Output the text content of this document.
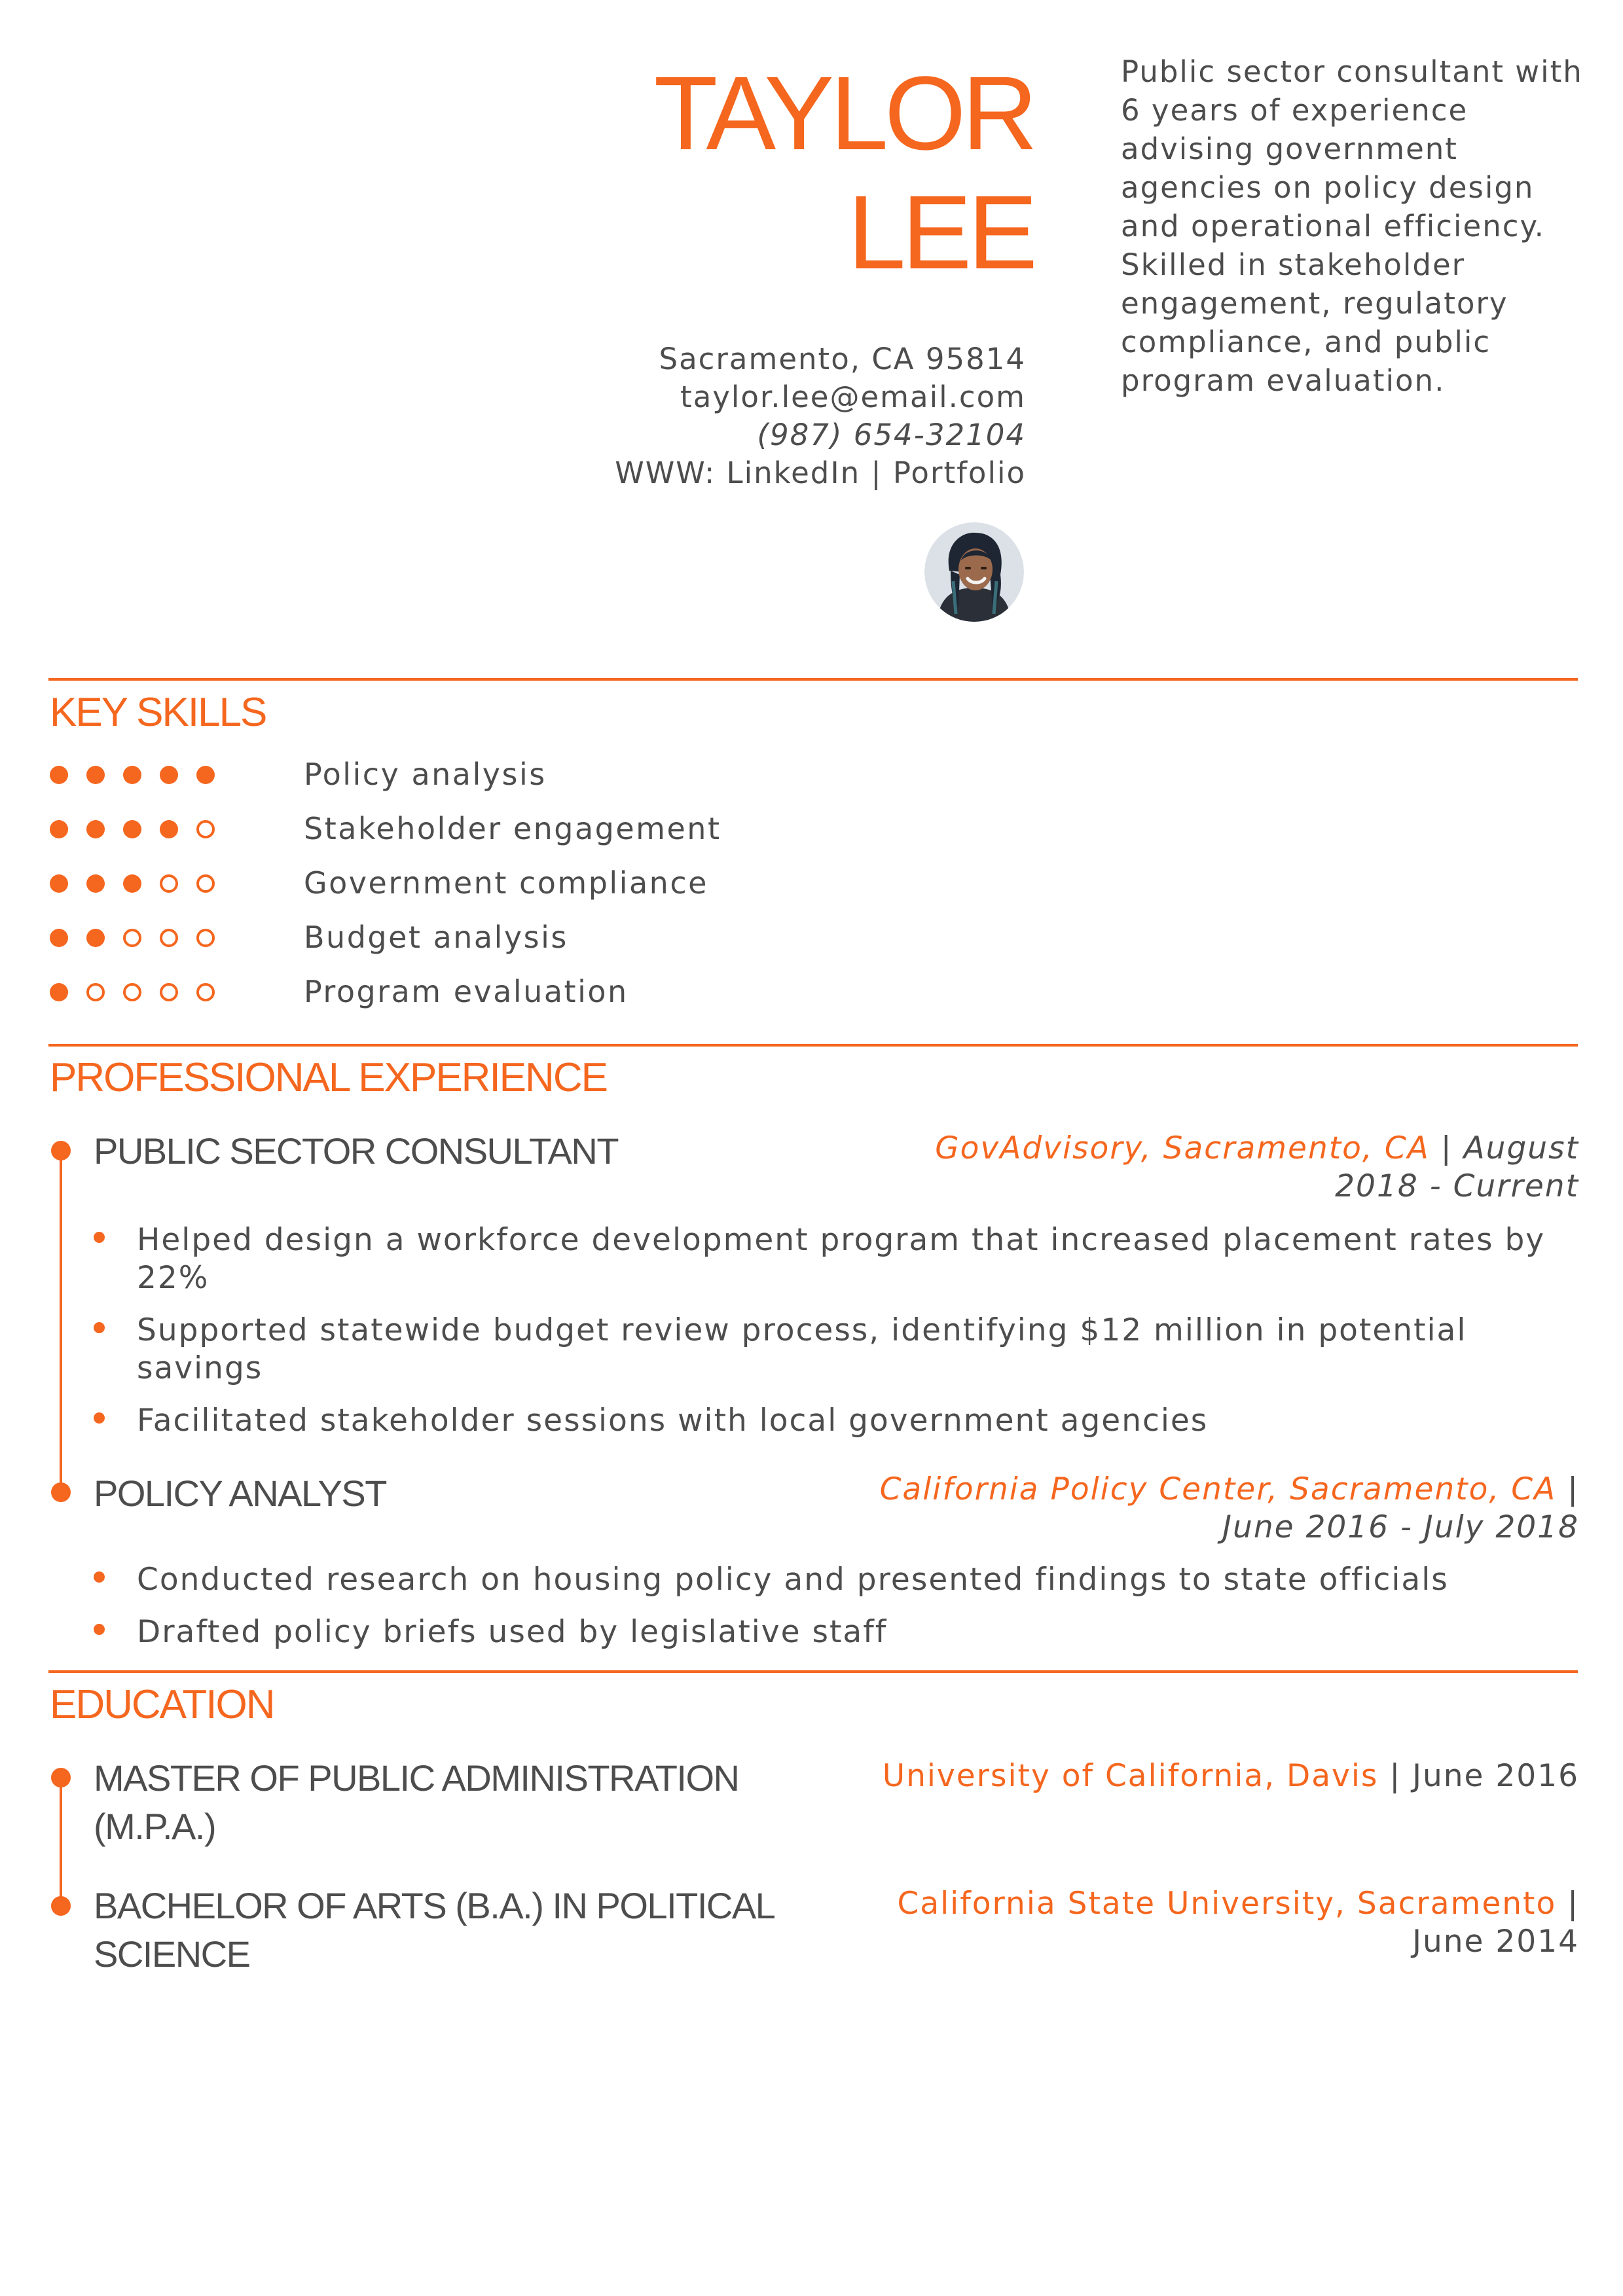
TAYLOR
LEE
Sacramento, CA 95814
taylor.lee@email.com
(987) 654-32104
WWW: LinkedIn | Portfolio
Public sector consultant with 6 years of experience advising government agencies on policy design and operational efficiency. Skilled in stakeholder engagement, regulatory compliance, and public program evaluation.
KEY SKILLS
Policy analysis
Stakeholder engagement
Government compliance
Budget analysis
Program evaluation
PROFESSIONAL EXPERIENCE
PUBLIC SECTOR CONSULTANT	GovAdvisory, Sacramento, CA | August
2018 - Current
Helped design a workforce development program that increased placement rates by 22%
Supported statewide budget review process, identifying $12 million in potential savings
Facilitated stakeholder sessions with local government agencies
POLICY ANALYST	California Policy Center, Sacramento, CA |
June 2016 - July 2018
Conducted research on housing policy and presented findings to state officials
Drafted policy briefs used by legislative staff
EDUCATION
MASTER OF PUBLIC ADMINISTRATION
(M.P.A.)
University of California, Davis | June 2016
BACHELOR OF ARTS (B.A.) IN POLITICAL
SCIENCE
California State University, Sacramento |
June 2014
